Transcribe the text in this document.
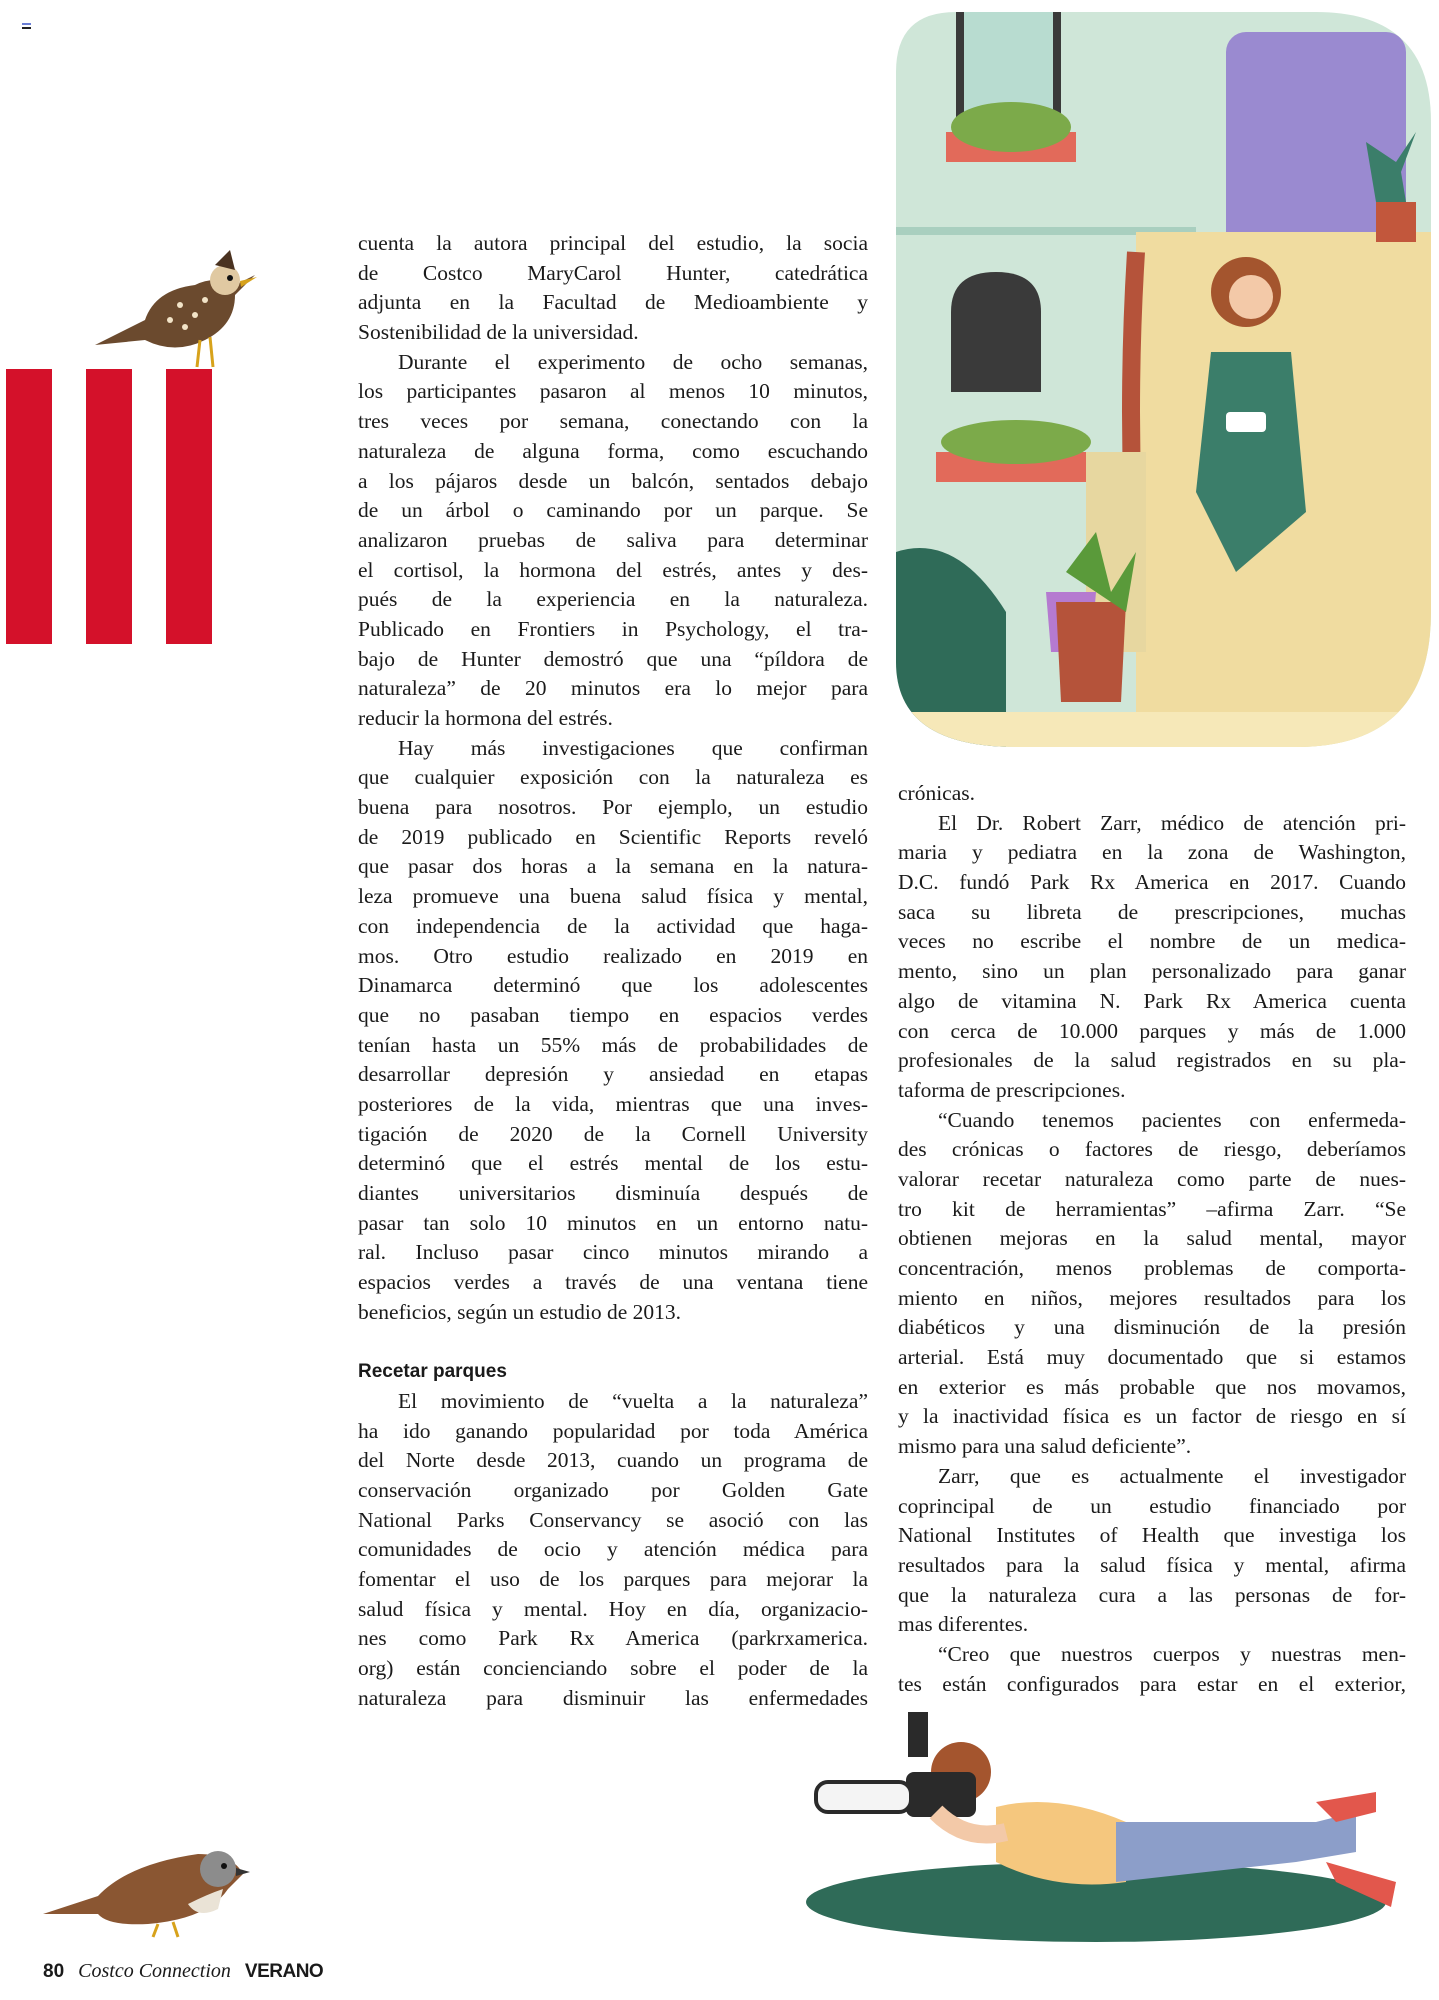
cuenta la autora principal del estudio, la socia
de Costco MaryCarol Hunter, catedrática
adjunta en la Facultad de Medioambiente y
Sostenibilidad de la universidad.
Durante el experimento de ocho semanas,
los participantes pasaron al menos 10 minutos,
tres veces por semana, conectando con la
naturaleza de alguna forma, como escuchando
a los pájaros desde un balcón, sentados debajo
de un árbol o caminando por un parque. Se
analizaron pruebas de saliva para determinar
el cortisol, la hormona del estrés, antes y des-
pués de la experiencia en la naturaleza.
Publicado en Frontiers in Psychology, el tra-
bajo de Hunter demostró que una “píldora de
naturaleza” de 20 minutos era lo mejor para
reducir la hormona del estrés.
Hay más investigaciones que confirman
que cualquier exposición con la naturaleza es
buena para nosotros. Por ejemplo, un estudio
de 2019 publicado en Scientific Reports reveló
que pasar dos horas a la semana en la natura-
leza promueve una buena salud física y mental,
con independencia de la actividad que haga-
mos. Otro estudio realizado en 2019 en
Dinamarca determinó que los adolescentes
que no pasaban tiempo en espacios verdes
tenían hasta un 55% más de probabilidades de
desarrollar depresión y ansiedad en etapas
posteriores de la vida, mientras que una inves-
tigación de 2020 de la Cornell University
determinó que el estrés mental de los estu-
diantes universitarios disminuía después de
pasar tan solo 10 minutos en un entorno natu-
ral. Incluso pasar cinco minutos mirando a
espacios verdes a través de una ventana tiene
beneficios, según un estudio de 2013.
Recetar parques
El movimiento de “vuelta a la naturaleza”
ha ido ganando popularidad por toda América
del Norte desde 2013, cuando un programa de
conservación organizado por Golden Gate
National Parks Conservancy se asoció con las
comunidades de ocio y atención médica para
fomentar el uso de los parques para mejorar la
salud física y mental. Hoy en día, organizacio-
nes como Park Rx America (parkrxamerica.
org) están concienciando sobre el poder de la
naturaleza para disminuir las enfermedades
crónicas.
El Dr. Robert Zarr, médico de atención pri-
maria y pediatra en la zona de Washington,
D.C. fundó Park Rx America en 2017. Cuando
saca su libreta de prescripciones, muchas
veces no escribe el nombre de un medica-
mento, sino un plan personalizado para ganar
algo de vitamina N. Park Rx America cuenta
con cerca de 10.000 parques y más de 1.000
profesionales de la salud registrados en su pla-
taforma de prescripciones.
“Cuando tenemos pacientes con enfermeda-
des crónicas o factores de riesgo, deberíamos
valorar recetar naturaleza como parte de nues-
tro kit de herramientas” –afirma Zarr. “Se
obtienen mejoras en la salud mental, mayor
concentración, menos problemas de comporta-
miento en niños, mejores resultados para los
diabéticos y una disminución de la presión
arterial. Está muy documentado que si estamos
en exterior es más probable que nos movamos,
y la inactividad física es un factor de riesgo en sí
mismo para una salud deficiente”.
Zarr, que es actualmente el investigador
coprincipal de un estudio financiado por
National Institutes of Health que investiga los
resultados para la salud física y mental, afirma
que la naturaleza cura a las personas de for-
mas diferentes.
“Creo que nuestros cuerpos y nuestras men-
tes están configurados para estar en el exterior,
80 Costco Connection VERANO
